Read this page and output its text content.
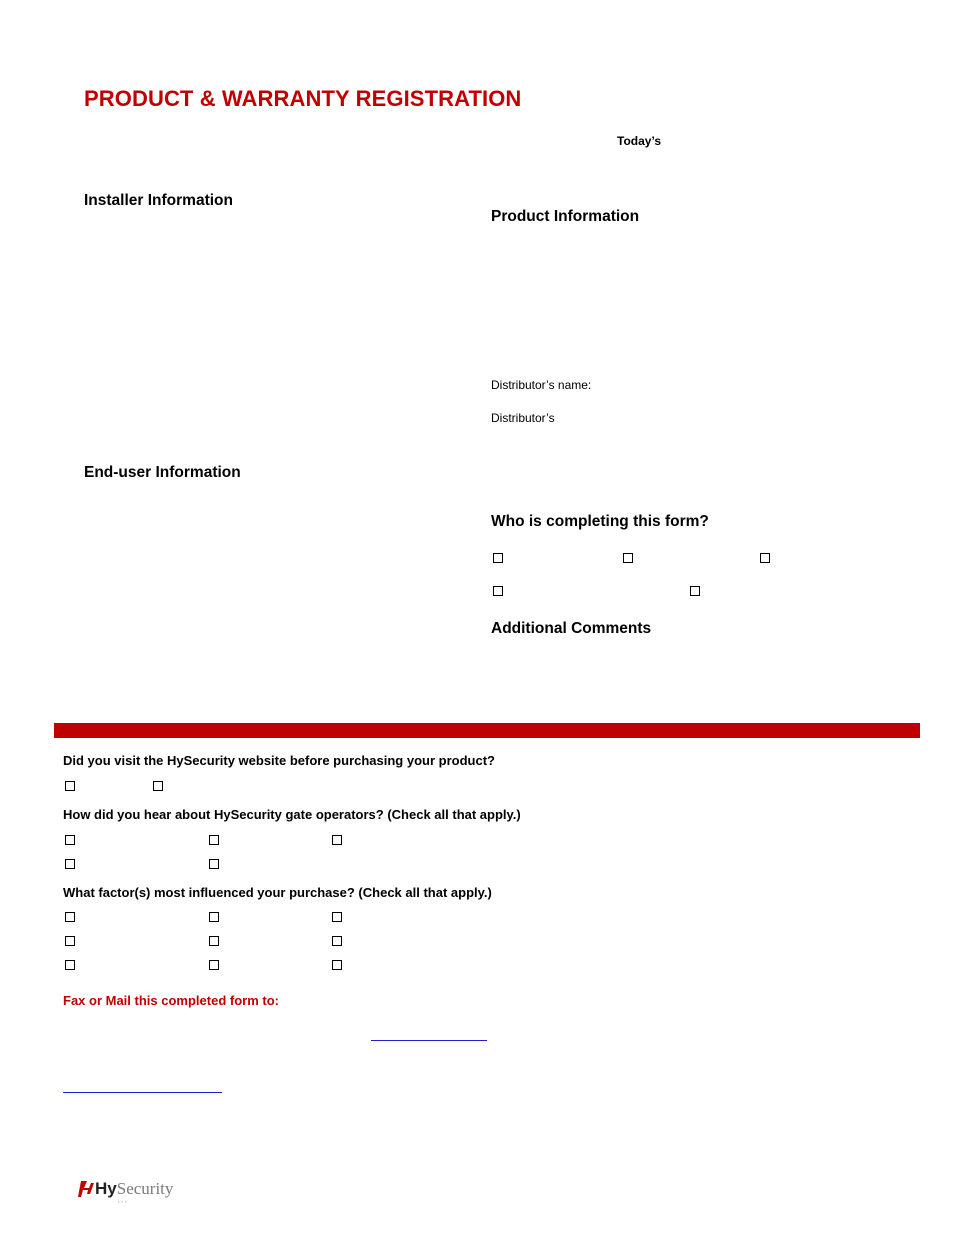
PRODUCT & WARRANTY REGISTRATION
Today’s
Installer Information
End-user Information
Product Information
Distributor’s name:
Distributor’s
Who is completing this form?
Additional Comments
Did you visit the HySecurity website before purchasing your product?
How did you hear about HySecurity gate operators? (Check all that apply.)
What factor(s) most influenced your purchase? (Check all that apply.)
Fax or Mail this completed form to:
HySecurity
▪ ▪ ▪
